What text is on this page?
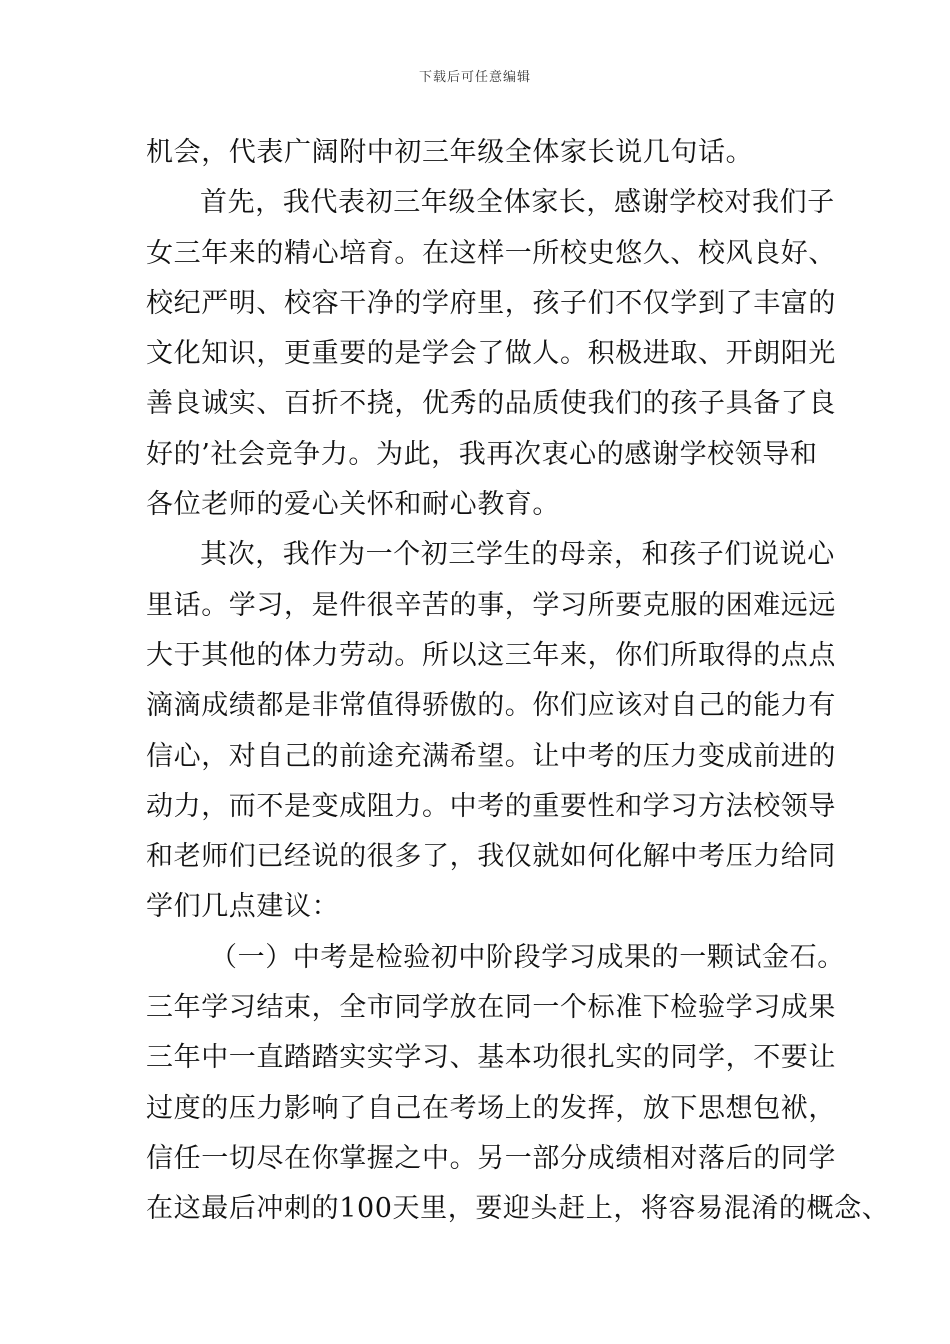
下载后可任意编辑
机会，代表广阔附中初三年级全体家长说几句话。
首先，我代表初三年级全体家长，感谢学校对我们子
女三年来的精心培育。在这样一所校史悠久、校风良好、
校纪严明、校容干净的学府里，孩子们不仅学到了丰富的
文化知识，更重要的是学会了做人。积极进取、开朗阳光
善良诚实、百折不挠，优秀的品质使我们的孩子具备了良
好的’社会竞争力。为此，我再次衷心的感谢学校领导和
各位老师的爱心关怀和耐心教育。
其次，我作为一个初三学生的母亲，和孩子们说说心
里话。学习，是件很辛苦的事，学习所要克服的困难远远
大于其他的体力劳动。所以这三年来，你们所取得的点点
滴滴成绩都是非常值得骄傲的。你们应该对自己的能力有
信心，对自己的前途充满希望。让中考的压力变成前进的
动力，而不是变成阻力。中考的重要性和学习方法校领导
和老师们已经说的很多了，我仅就如何化解中考压力给同
学们几点建议：
（一）中考是检验初中阶段学习成果的一颗试金石。
三年学习结束，全市同学放在同一个标准下检验学习成果
三年中一直踏踏实实学习、基本功很扎实的同学，不要让
过度的压力影响了自己在考场上的发挥，放下思想包袱，
信任一切尽在你掌握之中。另一部分成绩相对落后的同学
在这最后冲刺的100天里，要迎头赶上，将容易混淆的概念、
